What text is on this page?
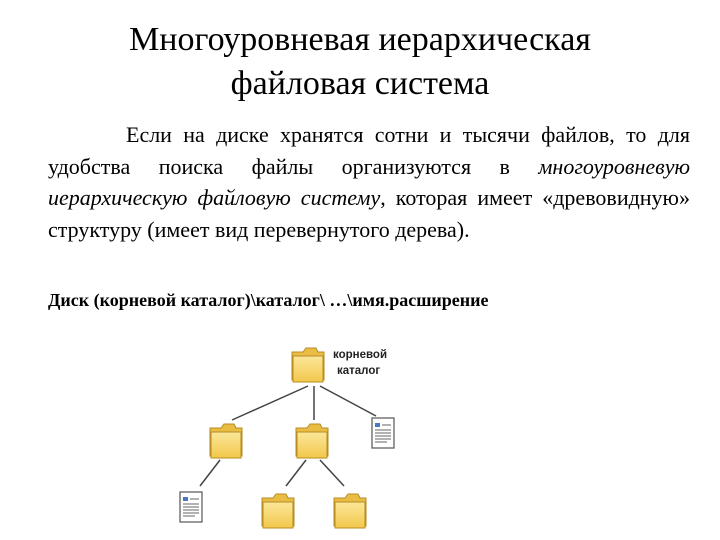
Многоуровневая иерархическая
файловая система

Если на диске хранятся сотни и тысячи файлов, то для удобства поиска файлы организуются в многоуровневую иерархическую файловую систему, которая имеет «древовидную» структуру (имеет вид перевернутого дерева).

Диск (корневой каталог)\каталог\ …\имя.расширение
корневой
каталог
